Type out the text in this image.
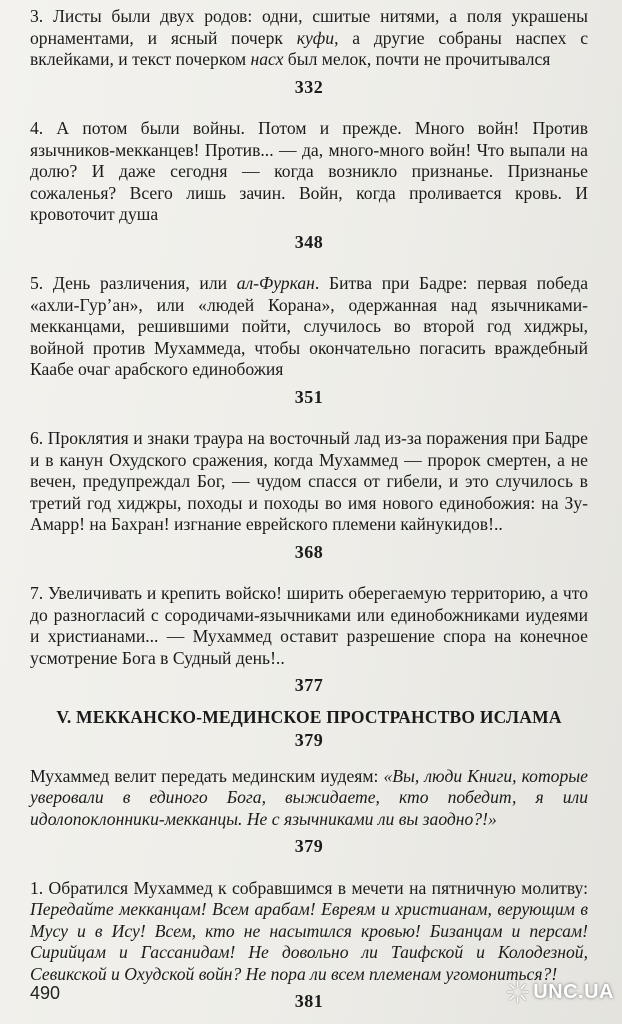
3. Листы были двух родов: одни, сшитые нитями, а поля украшены орнаментами, и ясный почерк куфи, а другие собраны наспех с вклейками, и текст почерком насх был мелок, почти не прочитывался

332

4. А потом были войны. Потом и прежде. Много войн! Против язычников-мекканцев! Против... — да, много-много войн! Что выпали на долю? И даже сегодня — когда возникло признанье. Признанье сожаленья? Всего лишь зачин. Войн, когда проливается кровь. И кровоточит душа

348

5. День различения, или ал-Фуркан. Битва при Бадре: первая победа «ахли-Гур’ан», или «людей Корана», одержанная над язычниками-мекканцами, решившими пойти, случилось во второй год хиджры, войной против Мухаммеда, чтобы окончательно погасить враждебный Каабе очаг арабского единобожия

351

6. Проклятия и знаки траура на восточный лад из-за поражения при Бадре и в канун Охудского сражения, когда Мухаммед — пророк смертен, а не вечен, предупреждал Бог, — чудом спасся от гибели, и это случилось в третий год хиджры, походы и походы во имя нового единобожия: на Зу-Амарр! на Бахран! изгнание еврейского племени кайнукидов!..

368

7. Увеличивать и крепить войско! ширить оберегаемую территорию, а что до разногласий с сородичами-язычниками или единобожниками иудеями и христианами... — Мухаммед оставит разрешение спора на конечное усмотрение Бога в Судный день!..

377
V. МЕККАНСКО-МЕДИНСКОЕ ПРОСТРАНСТВО ИСЛАМА
379

Мухаммед велит передать мединским иудеям: «Вы, люди Книги, которые уверовали в единого Бога, выжидаете, кто победит, я или идолопоклонники-мекканцы. Не с язычниками ли вы заодно?!»

379

1. Обратился Мухаммед к собравшимся в мечети на пятничную молитву: Передайте мекканцам! Всем арабам! Евреям и христианам, верующим в Мусу и в Ису! Всем, кто не насытился кровью! Бизанцам и персам! Сирийцам и Гассанидам! Не довольно ли Таифской и Колодезной, Севикской и Охудской войн? Не пора ли всем племенам угомониться?!

381
490	UNC.UA
